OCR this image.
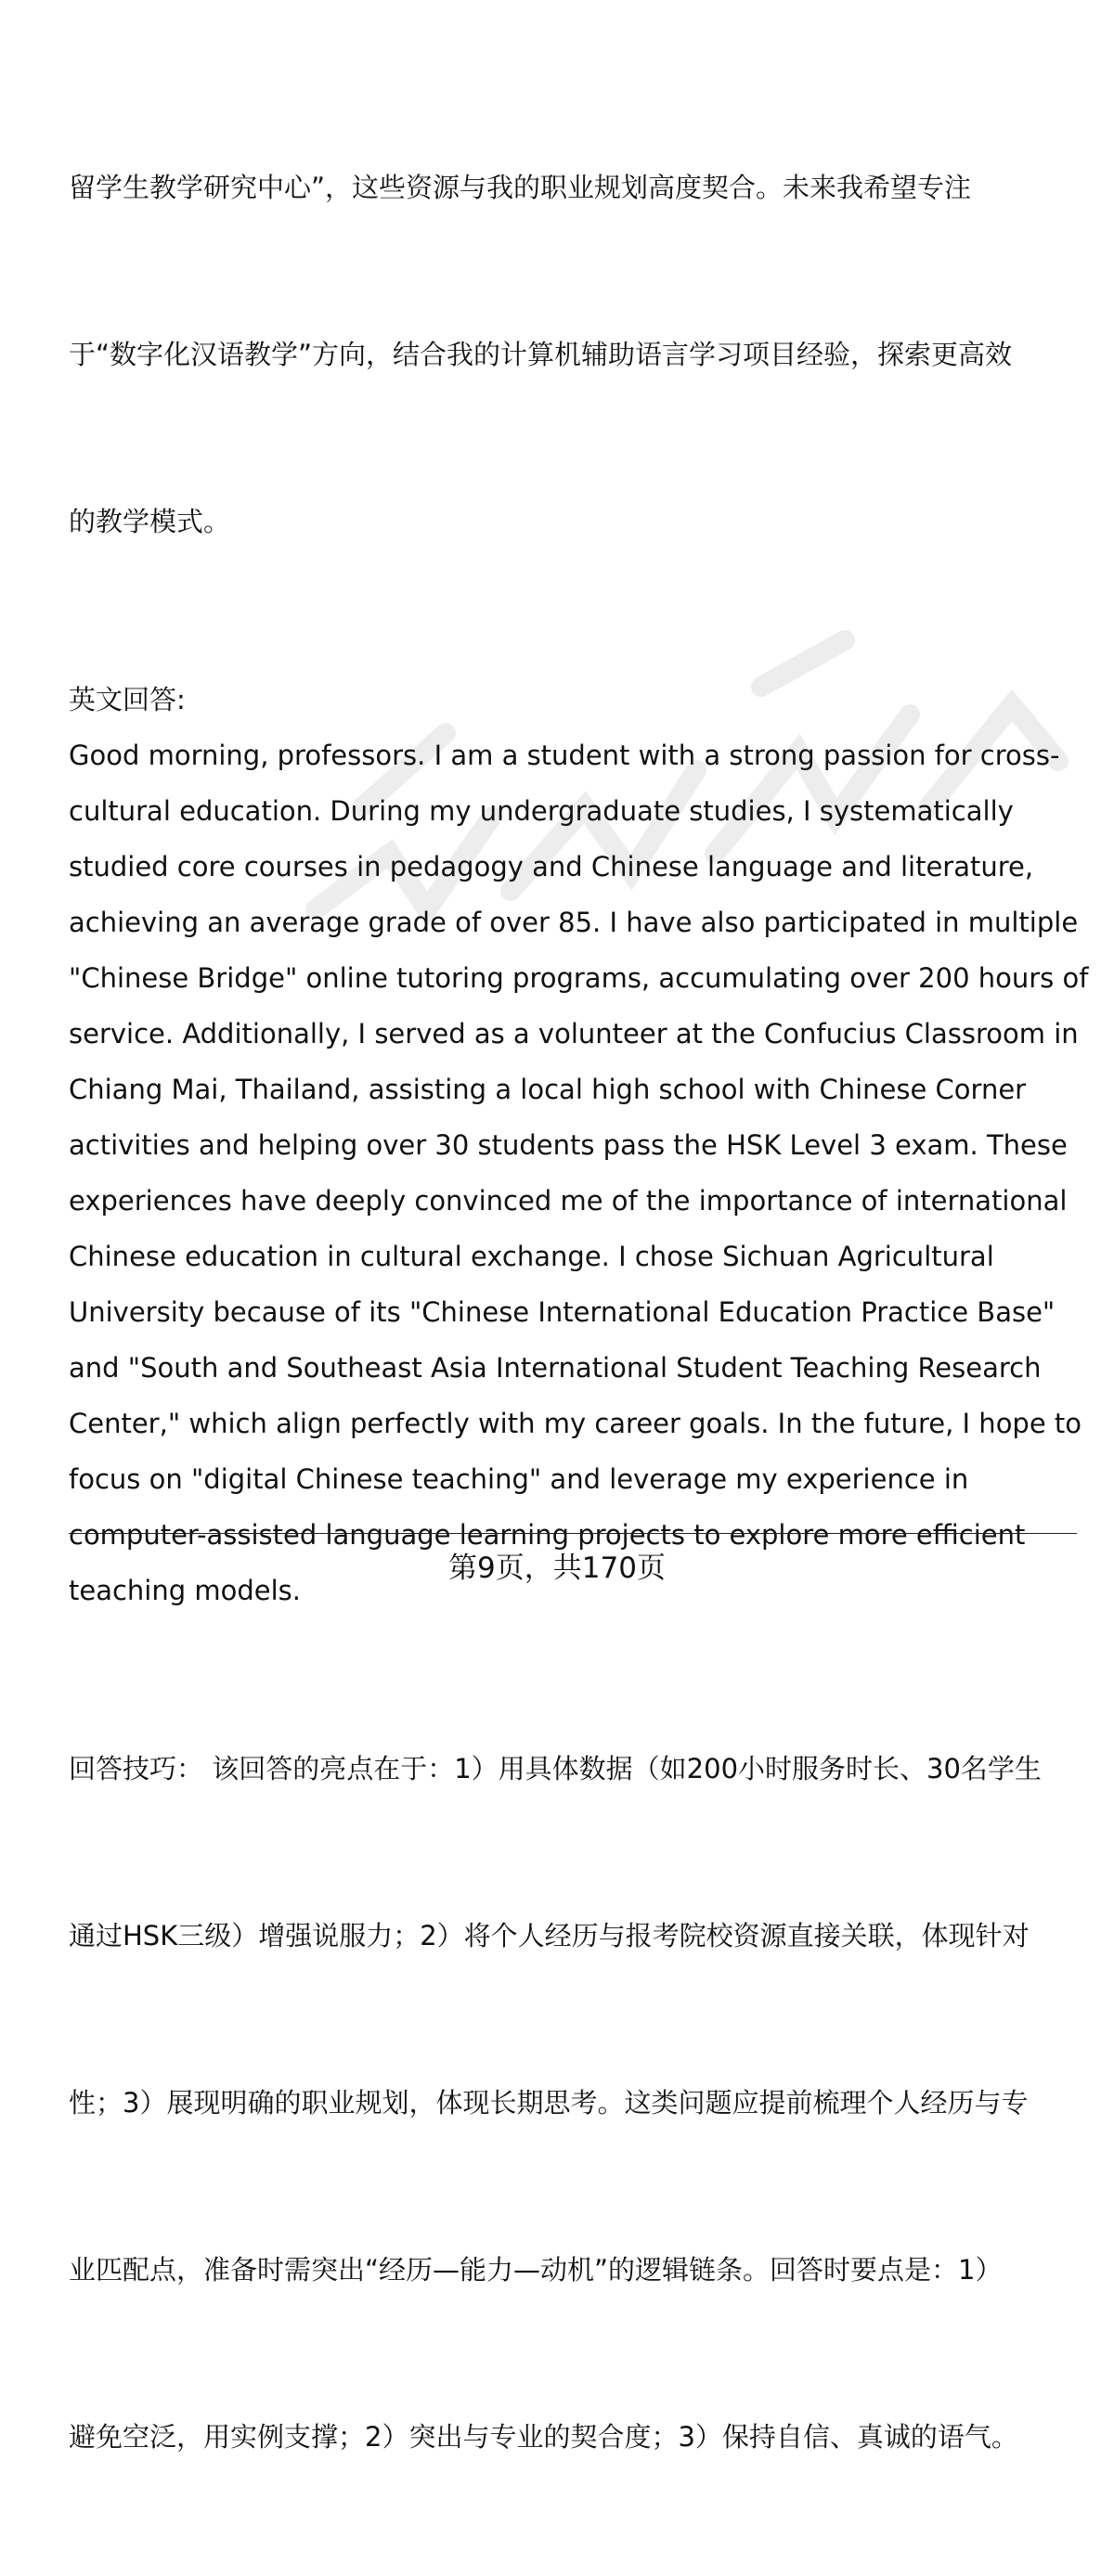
留学生教学研究中心”，这些资源与我的职业规划高度契合。未来我希望专注

于“数字化汉语教学”方向，结合我的计算机辅助语言学习项目经验，探索更高效

的教学模式。

英文回答:

Good morning, professors. I am a student with a strong passion for cross-
cultural education. During my undergraduate studies, I systematically
studied core courses in pedagogy and Chinese language and literature,
achieving an average grade of over 85. I have also participated in multiple
"Chinese Bridge" online tutoring programs, accumulating over 200 hours of
service. Additionally, I served as a volunteer at the Confucius Classroom in
Chiang Mai, Thailand, assisting a local high school with Chinese Corner
activities and helping over 30 students pass the HSK Level 3 exam. These
experiences have deeply convinced me of the importance of international
Chinese education in cultural exchange. I chose Sichuan Agricultural
University because of its "Chinese International Education Practice Base"
and "South and Southeast Asia International Student Teaching Research
Center," which align perfectly with my career goals. In the future, I hope to
focus on "digital Chinese teaching" and leverage my experience in
computer-assisted language learning projects to explore more efficient
teaching models.

回答技巧： 该回答的亮点在于：1）用具体数据（如200小时服务时长、30名学生

通过HSK三级）增强说服力；2）将个人经历与报考院校资源直接关联，体现针对

性；3）展现明确的职业规划，体现长期思考。这类问题应提前梳理个人经历与专

业匹配点，准备时需突出“经历—能力—动机”的逻辑链条。回答时要点是：1）

避免空泛，用实例支撑；2）突出与专业的契合度；3）保持自信、真诚的语气。

第9页，共170页
